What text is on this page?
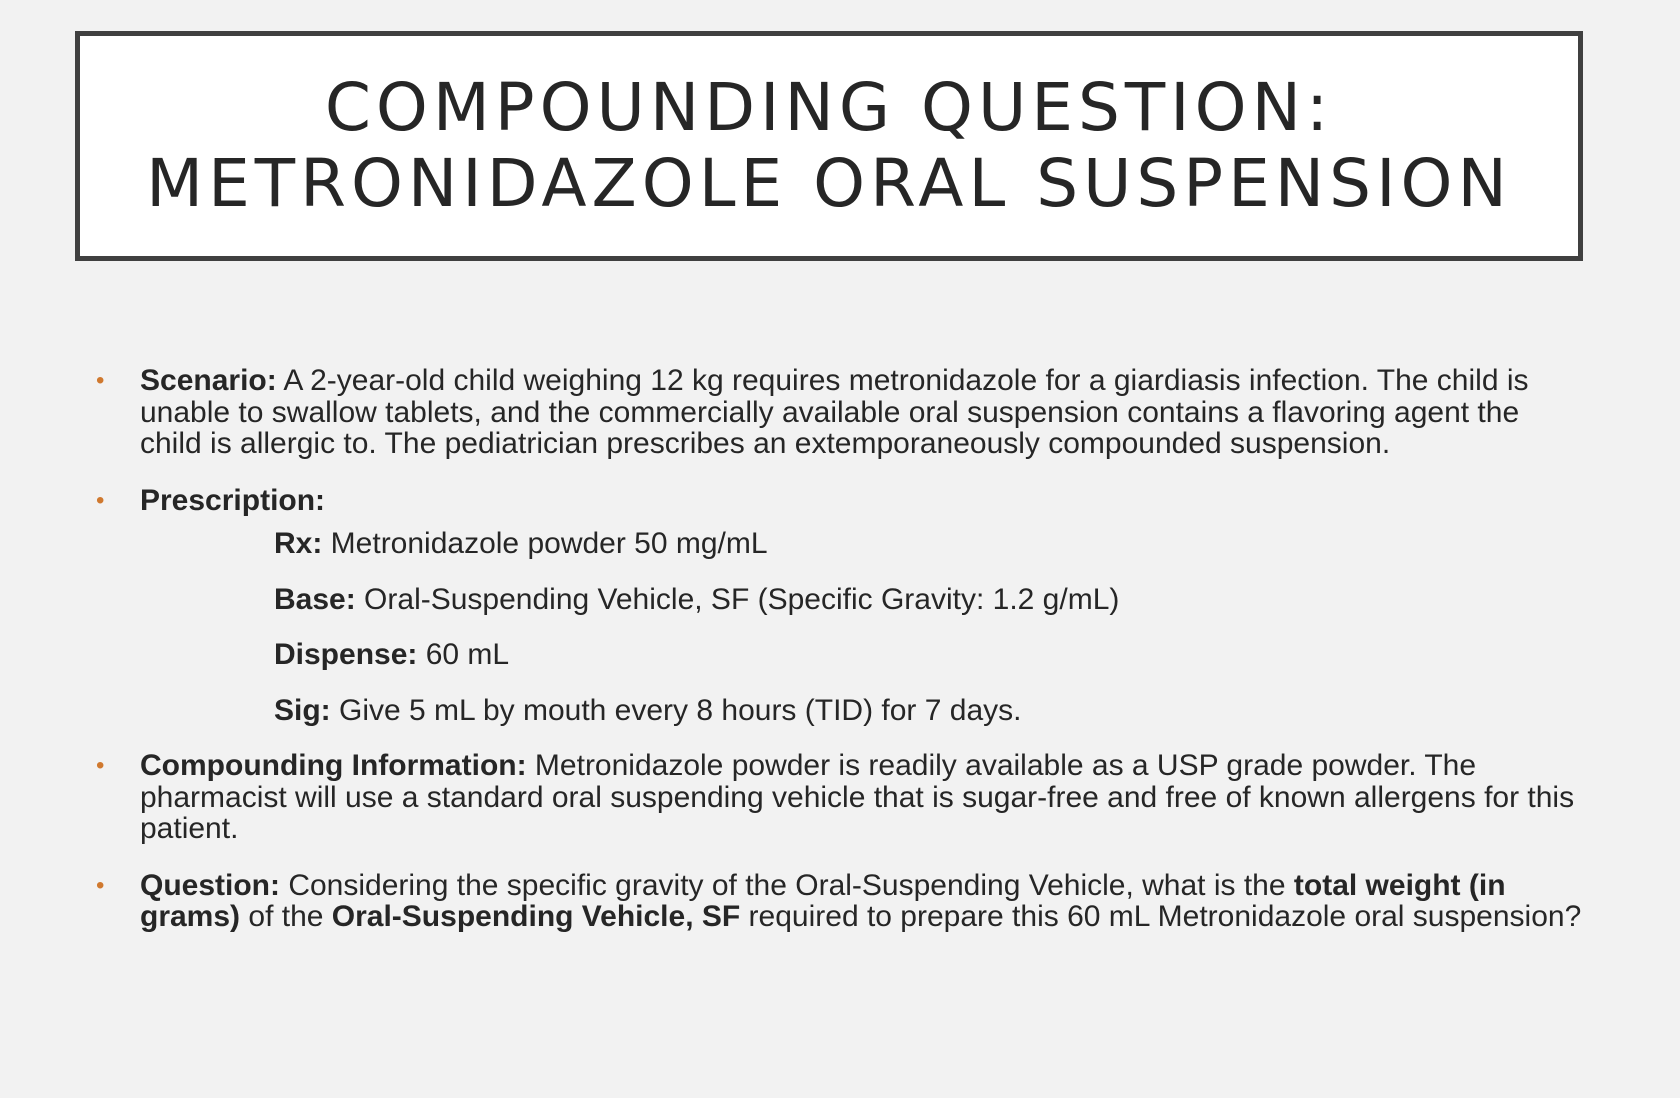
COMPOUNDING QUESTION:
METRONIDAZOLE ORAL SUSPENSION
• Scenario: A 2-year-old child weighing 12 kg requires metronidazole for a giardiasis infection. The child is unable to swallow tablets, and the commercially available oral suspension contains a flavoring agent the child is allergic to. The pediatrician prescribes an extemporaneously compounded suspension.
• Prescription:
Rx: Metronidazole powder 50 mg/mL
Base: Oral-Suspending Vehicle, SF (Specific Gravity: 1.2 g/mL)
Dispense: 60 mL
Sig: Give 5 mL by mouth every 8 hours (TID) for 7 days.
• Compounding Information: Metronidazole powder is readily available as a USP grade powder. The pharmacist will use a standard oral suspending vehicle that is sugar-free and free of known allergens for this patient.
• Question: Considering the specific gravity of the Oral-Suspending Vehicle, what is the total weight (in grams) of the Oral-Suspending Vehicle, SF required to prepare this 60 mL Metronidazole oral suspension?
